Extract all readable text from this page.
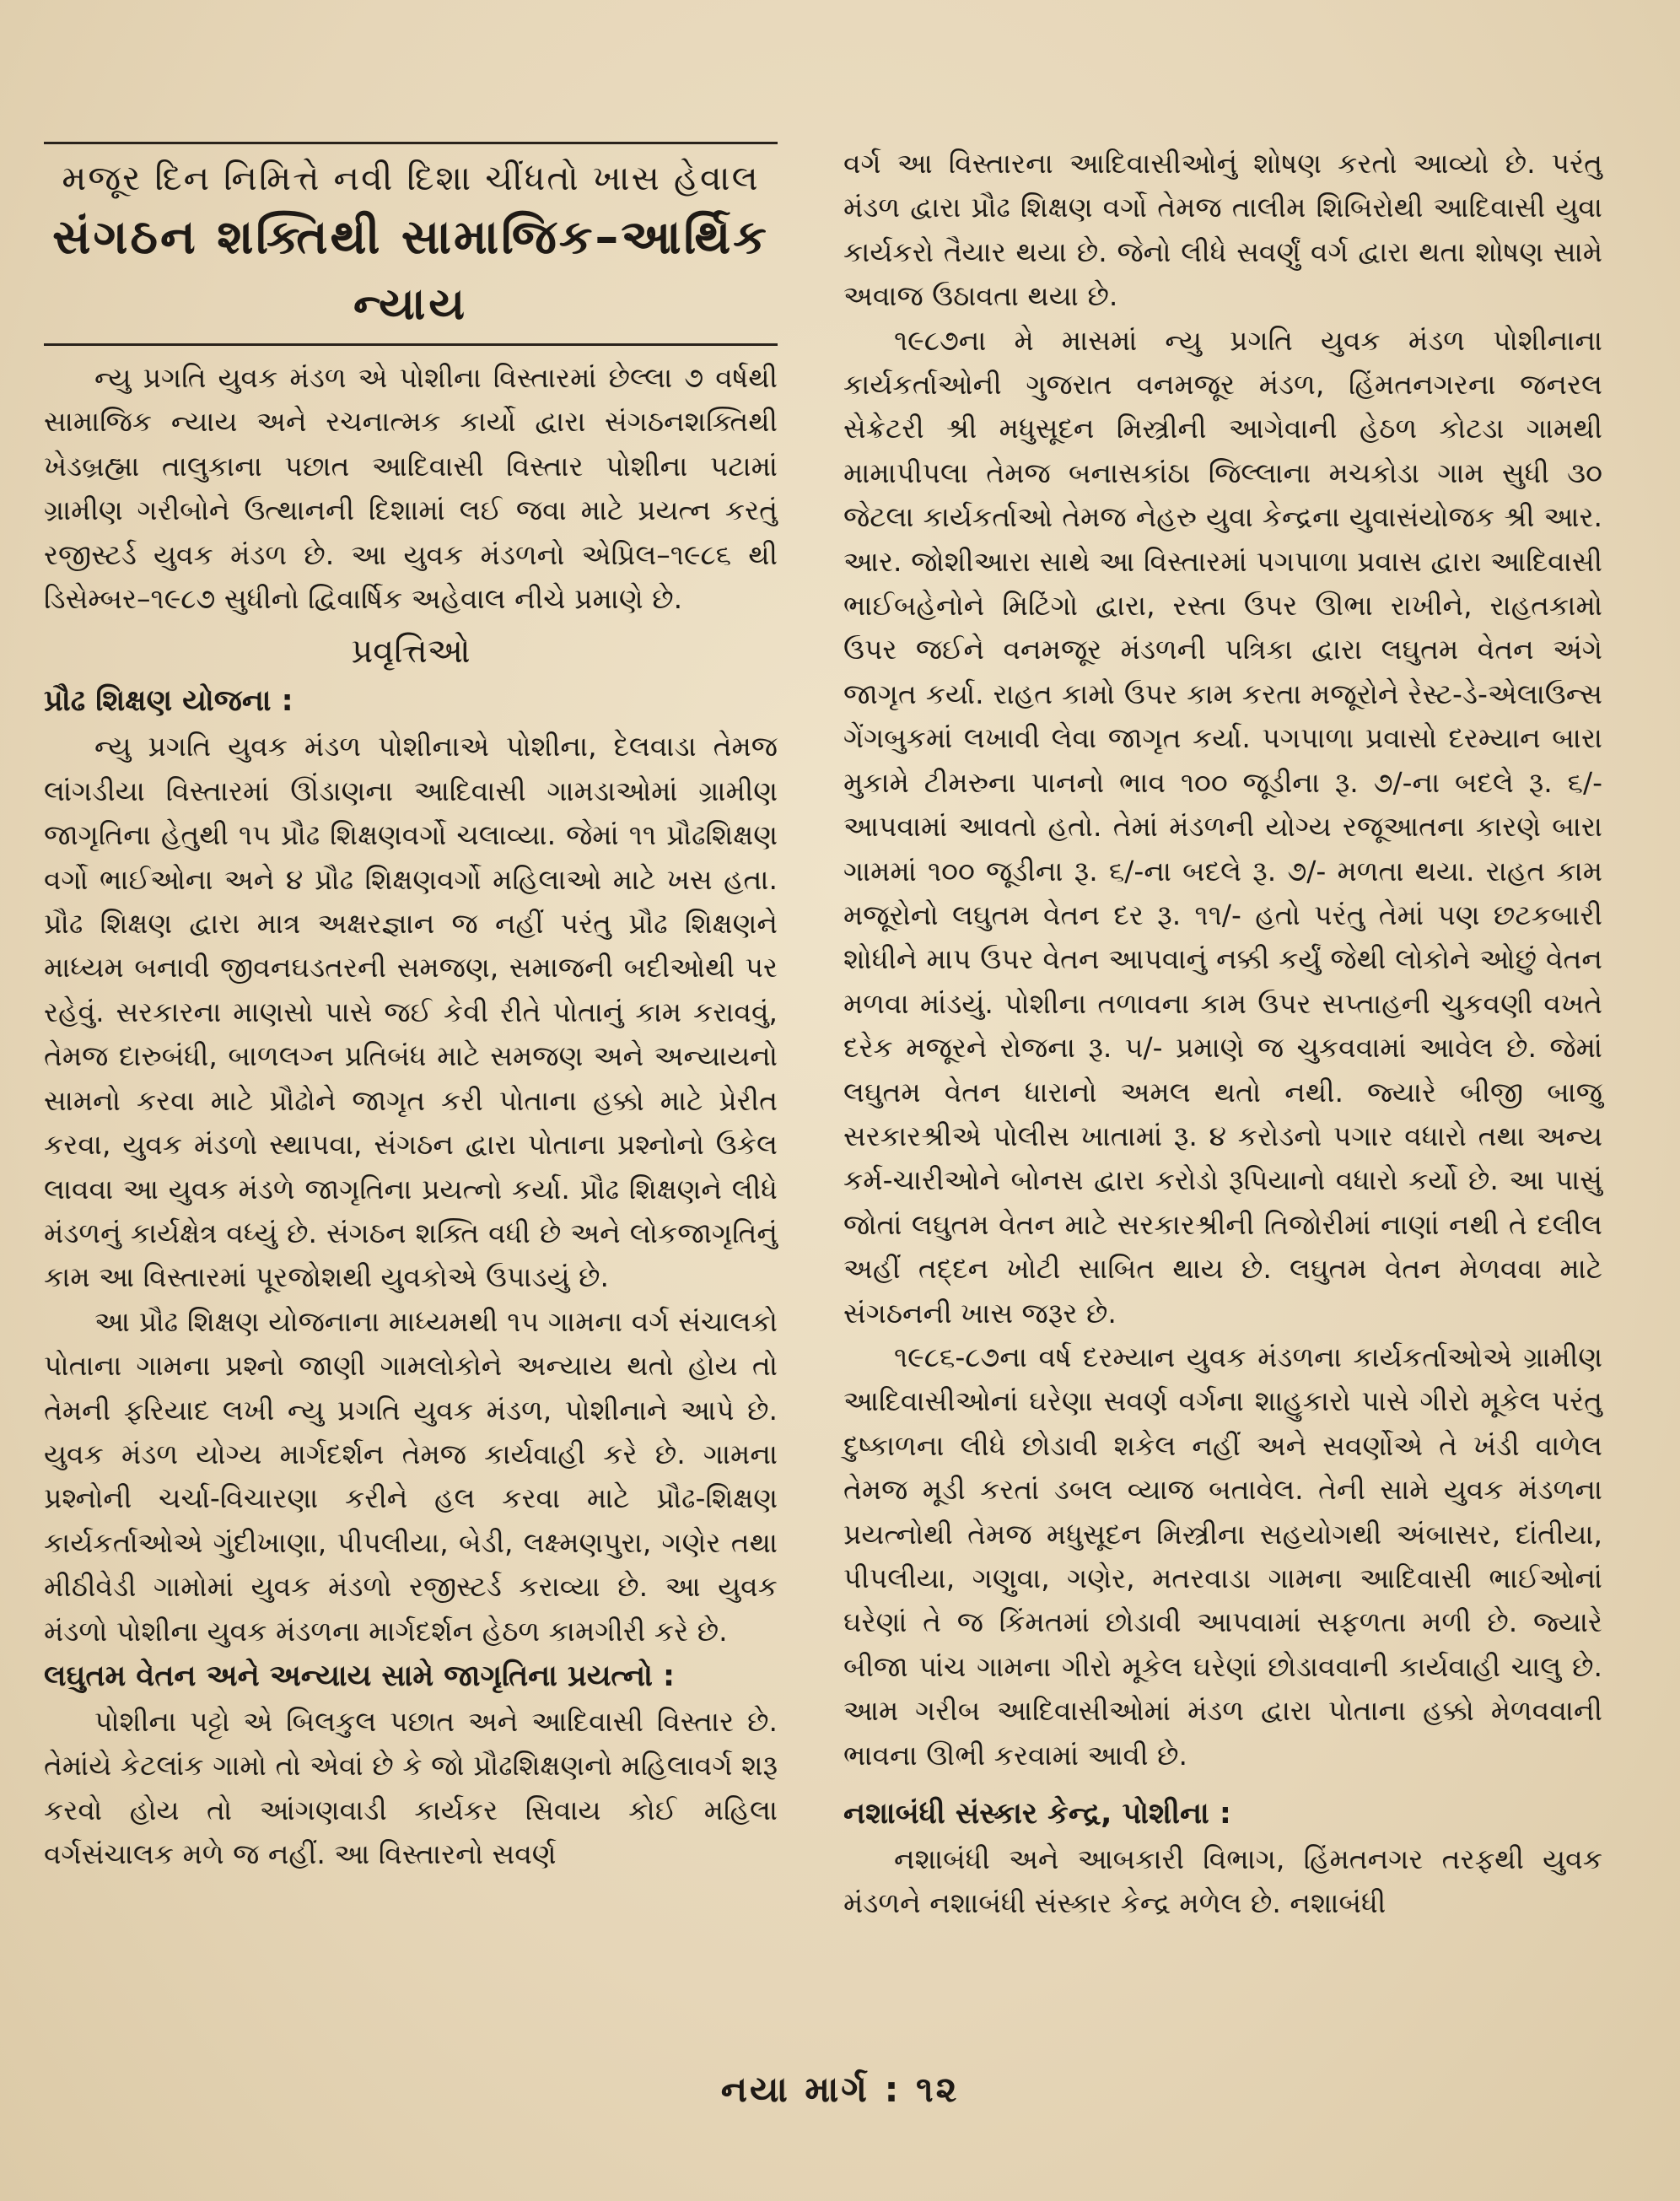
મજૂર દિન નિમિત્તે નવી દિશા ચીંધતો ખાસ હેવાલ
સંગઠન શક્તિથી સામાજિક–આર્થિક
ન્યાય

ન્યુ પ્રગતિ યુવક મંડળ એ પોશીના વિસ્તારમાં છેલ્લા ૭ વર્ષથી સામાજિક ન્યાય અને રચનાત્મક કાર્યો દ્વારા સંગઠનશક્તિથી ખેડબ્રહ્મા તાલુકાના પછાત આદિવાસી વિસ્તાર પોશીના પટામાં ગ્રામીણ ગરીબોને ઉત્થાનની દિશામાં લઈ જવા માટે પ્રયત્ન કરતું રજીસ્ટર્ડ યુવક મંડળ છે. આ યુવક મંડળનો એપ્રિલ–૧૯૮૬ થી ડિસેમ્બર–૧૯૮૭ સુધીનો દ્વિવાર્ષિક અહેવાલ નીચે પ્રમાણે છે.

પ્રવૃત્તિઓ
પ્રૌઢ શિક્ષણ યોજના :

ન્યુ પ્રગતિ યુવક મંડળ પોશીનાએ પોશીના, દેલવાડા તેમજ લાંગડીયા વિસ્તારમાં ઊંડાણના આદિવાસી ગામડાઓમાં ગ્રામીણ જાગૃતિના હેતુથી ૧૫ પ્રૌઢ શિક્ષણવર્ગો ચલાવ્યા. જેમાં ૧૧ પ્રૌઢશિક્ષણ વર્ગો ભાઈઓના અને ૪ પ્રૌઢ શિક્ષણવર્ગો મહિલાઓ માટે ખસ હતા. પ્રૌઢ શિક્ષણ દ્વારા માત્ર અક્ષરજ્ઞાન જ નહીં પરંતુ પ્રૌઢ શિક્ષણને માધ્યમ બનાવી જીવનઘડતરની સમજણ, સમાજની બદીઓથી પર રહેવું. સરકારના માણસો પાસે જઈ કેવી રીતે પોતાનું કામ કરાવવું, તેમજ દારુબંધી, બાળલગ્ન પ્રતિબંધ માટે સમજણ અને અન્યાયનો સામનો કરવા માટે પ્રૌઢોને જાગૃત કરી પોતાના હક્કો માટે પ્રેરીત કરવા, યુવક મંડળો સ્થાપવા, સંગઠન દ્વારા પોતાના પ્રશ્નોનો ઉકેલ લાવવા આ યુવક મંડળે જાગૃતિના પ્રયત્નો કર્યા. પ્રૌઢ શિક્ષણને લીધે મંડળનું કાર્યક્ષેત્ર વધ્યું છે. સંગઠન શક્તિ વધી છે અને લોકજાગૃતિનું કામ આ વિસ્તારમાં પૂરજોશથી યુવકોએ ઉપાડયું છે.

આ પ્રૌઢ શિક્ષણ યોજનાના માધ્યમથી ૧૫ ગામના વર્ગ સંચાલકો પોતાના ગામના પ્રશ્નો જાણી ગામલોકોને અન્યાય થતો હોય તો તેમની ફરિયાદ લખી ન્યુ પ્રગતિ યુવક મંડળ, પોશીનાને આપે છે. યુવક મંડળ યોગ્ય માર્ગદર્શન તેમજ કાર્યવાહી કરે છે. ગામના પ્રશ્નોની ચર્ચા-વિચારણા કરીને હલ કરવા માટે પ્રૌઢ-શિક્ષણ કાર્યકર્તાઓએ ગુંદીખાણા, પીપલીયા, બેડી, લક્ષ્મણપુરા, ગણેર તથા મીઠીવેડી ગામોમાં યુવક મંડળો રજીસ્ટર્ડ કરાવ્યા છે. આ યુવક મંડળો પોશીના યુવક મંડળના માર્ગદર્શન હેઠળ કામગીરી કરે છે.

લઘુતમ વેતન અને અન્યાય સામે જાગૃતિના પ્રયત્નો :

પોશીના પટ્ટો એ બિલકુલ પછાત અને આદિવાસી વિસ્તાર છે. તેમાંયે કેટલાંક ગામો તો એવાં છે કે જો પ્રૌઢશિક્ષણનો મહિલાવર્ગ શરૂ કરવો હોય તો આંગણવાડી કાર્યકર સિવાય કોઈ મહિલા વર્ગસંચાલક મળે જ નહીં. આ વિસ્તારનો સવર્ણ

વર્ગ આ વિસ્તારના આદિવાસીઓનું શોષણ કરતો આવ્યો છે. પરંતુ મંડળ દ્વારા પ્રૌઢ શિક્ષણ વર્ગો તેમજ તાલીમ શિબિરોથી આદિવાસી યુવા કાર્યકરો તૈયાર થયા છે. જેનો લીધે સવર્ણું વર્ગ દ્વારા થતા શોષણ સામે અવાજ ઉઠાવતા થયા છે.

૧૯૮૭ના મે માસમાં ન્યુ પ્રગતિ યુવક મંડળ પોશીનાના કાર્યકર્તાઓની ગુજરાત વનમજૂર મંડળ, હિંમતનગરના જનરલ સેક્રેટરી શ્રી મધુસૂદન મિસ્ત્રીની આગેવાની હેઠળ કોટડા ગામથી મામાપીપલા તેમજ બનાસકાંઠા જિલ્લાના મચકોડા ગામ સુધી ૩૦ જેટલા કાર્યકર્તાઓ તેમજ નેહરુ યુવા કેન્દ્રના યુવાસંયોજક શ્રી આર. આર. જોશીઆરા સાથે આ વિસ્તારમાં પગપાળા પ્રવાસ દ્વારા આદિવાસી ભાઈબહેનોને મિટિંગો દ્વારા, રસ્તા ઉપર ઊભા રાખીને, રાહતકામો ઉપર જઈને વનમજૂર મંડળની પત્રિકા દ્વારા લઘુતમ વેતન અંગે જાગૃત કર્યા. રાહત કામો ઉપર કામ કરતા મજૂરોને રેસ્ટ-ડે-એલાઉન્સ ગેંગબુકમાં લખાવી લેવા જાગૃત કર્યા. પગપાળા પ્રવાસો દરમ્યાન બારા મુકામે ટીમરુના પાનનો ભાવ ૧૦૦ જૂડીના રૂ. ૭/-ના બદલે રૂ. ૬/- આપવામાં આવતો હતો. તેમાં મંડળની યોગ્ય રજૂઆતના કારણે બારા ગામમાં ૧૦૦ જૂડીના રૂ. ૬/-ના બદલે રૂ. ૭/- મળતા થયા. રાહત કામ મજૂરોનો લઘુતમ વેતન દર રૂ. ૧૧/- હતો પરંતુ તેમાં પણ છટકબારી શોધીને માપ ઉપર વેતન આપવાનું નક્કી કર્યું જેથી લોકોને ઓછું વેતન મળવા માંડયું. પોશીના તળાવના કામ ઉપર સપ્તાહની ચુકવણી વખતે દરેક મજૂરને રોજના રૂ. ૫/- પ્રમાણે જ ચુકવવામાં આવેલ છે. જેમાં લઘુતમ વેતન ધારાનો અમલ થતો નથી. જ્યારે બીજી બાજુ સરકારશ્રીએ પોલીસ ખાતામાં રૂ. ૪ કરોડનો પગાર વધારો તથા અન્ય કર્મ-ચારીઓને બોનસ દ્વારા કરોડો રૂપિયાનો વધારો કર્યો છે. આ પાસું જોતાં લઘુતમ વેતન માટે સરકારશ્રીની તિજોરીમાં નાણાં નથી તે દલીલ અહીં તદ્દન ખોટી સાબિત થાય છે. લઘુતમ વેતન મેળવવા માટે સંગઠનની ખાસ જરૂર છે.

૧૯૮૬-૮૭ના વર્ષ દરમ્યાન યુવક મંડળના કાર્યકર્તાઓએ ગ્રામીણ આદિવાસીઓનાં ઘરેણા સવર્ણ વર્ગના શાહુકારો પાસે ગીરો મૂકેલ પરંતુ દુષ્કાળના લીધે છોડાવી શકેલ નહીં અને સવર્ણોએ તે ખંડી વાળેલ તેમજ મૂડી કરતાં ડબલ વ્યાજ બતાવેલ. તેની સામે યુવક મંડળના પ્રયત્નોથી તેમજ મધુસૂદન મિસ્ત્રીના સહયોગથી અંબાસર, દાંતીયા, પીપલીયા, ગણુવા, ગણેર, મતરવાડા ગામના આદિવાસી ભાઈઓનાં ઘરેણાં તે જ કિંમતમાં છોડાવી આપવામાં સફળતા મળી છે. જ્યારે બીજા પાંચ ગામના ગીરો મૂકેલ ઘરેણાં છોડાવવાની કાર્યવાહી ચાલુ છે. આમ ગરીબ આદિવાસીઓમાં મંડળ દ્વારા પોતાના હક્કો મેળવવાની ભાવના ઊભી કરવામાં આવી છે.

નશાબંધી સંસ્કાર કેન્દ્ર, પોશીના :

નશાબંધી અને આબકારી વિભાગ, હિંમતનગર તરફથી યુવક મંડળને નશાબંધી સંસ્કાર કેન્દ્ર મળેલ છે. નશાબંધી

નયા માર્ગ : ૧૨
